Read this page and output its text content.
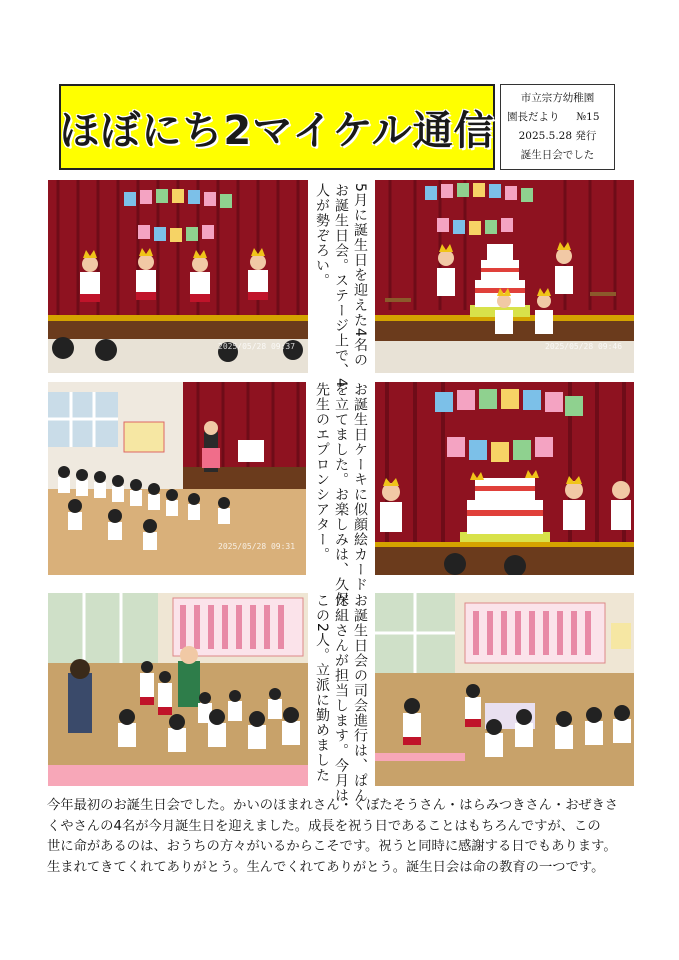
ほぼにち2マイケル通信
市立宗方幼稚園
園長だより №15
2025.5.28 発行
誕生日会でした
2025/05/28 09:37	5月に誕生日を迎えた4名の
お誕生日会。ステージ上で、4
人が勢ぞろい。
2025/05/28 09:46
2025/05/28 09:31	お誕生日ケーキに似顔絵カード
を立てました。お楽しみは、久保
先生のエプロンシアター。
お誕生日会の司会進行は、ぱん
だ組さんが担当します。今月は
この2人。立派に勤めました

今年最初のお誕生日会でした。かいのほまれさん・くぼたそうさん・はらみつきさん・おぜきさ

くやさんの4名が今月誕生日を迎えました。成長を祝う日であることはもちろんですが、この

世に命があるのは、おうちの方々がいるからこそです。祝うと同時に感謝する日でもあります。

生まれてきてくれてありがとう。生んでくれてありがとう。誕生日会は命の教育の一つです。
